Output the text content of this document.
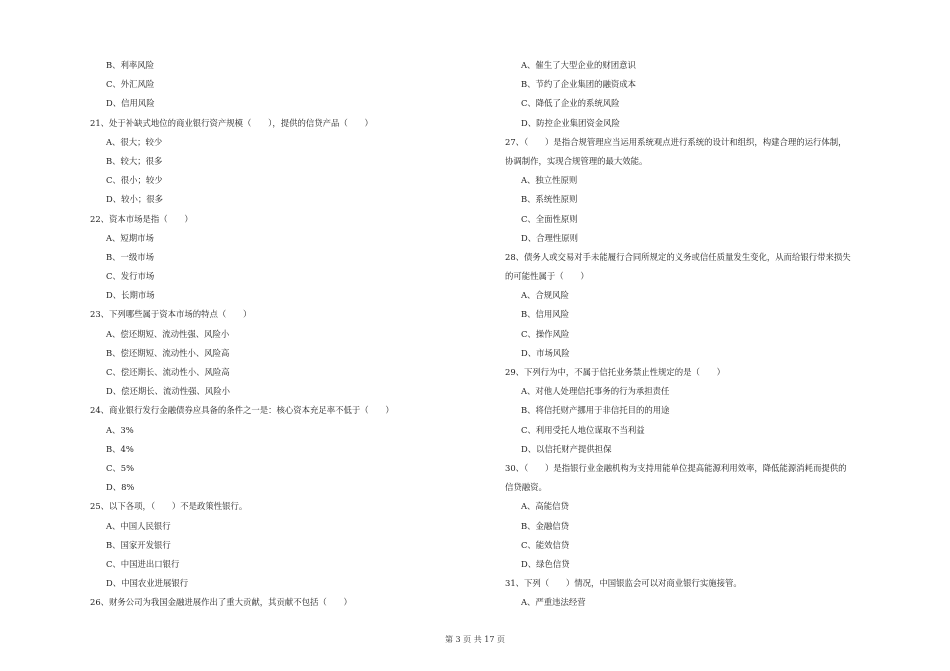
B、利率风险
C、外汇风险
D、信用风险
21、处于补缺式地位的商业银行资产规模（　　），提供的信贷产品（　　）
A、很大；较少
B、较大；很多
C、很小；较少
D、较小；很多
22、资本市场是指（　　）
A、短期市场
B、一级市场
C、发行市场
D、长期市场
23、下列哪些属于资本市场的特点（　　）
A、偿还期短、流动性强、风险小
B、偿还期短、流动性小、风险高
C、偿还期长、流动性小、风险高
D、偿还期长、流动性强、风险小
24、商业银行发行金融债券应具备的条件之一是：核心资本充足率不低于（　　）
A、3%
B、4%
C、5%
D、8%
25、以下各项，（　　）不是政策性银行。
A、中国人民银行
B、国家开发银行
C、中国进出口银行
D、中国农业进展银行
26、财务公司为我国金融进展作出了重大贡献，其贡献不包括（　　）
A、催生了大型企业的财团意识
B、节约了企业集团的融资成本
C、降低了企业的系统风险
D、防控企业集团资金风险
27、（　　）是指合规管理应当运用系统观点进行系统的设计和组织，构建合理的运行体制，
协调制作，实现合规管理的最大效能。
A、独立性原则
B、系统性原则
C、全面性原则
D、合理性原则
28、债务人或交易对手未能履行合同所规定的义务或信任质量发生变化，从而给银行带来损失
的可能性属于（　　）
A、合规风险
B、信用风险
C、操作风险
D、市场风险
29、下列行为中，不属于信托业务禁止性规定的是（　　）
A、对他人处理信托事务的行为承担责任
B、将信托财产挪用于非信托目的的用途
C、利用受托人地位谋取不当利益
D、以信托财产提供担保
30、（　　）是指银行业金融机构为支持用能单位提高能源利用效率，降低能源消耗而提供的
信贷融资。
A、高能信贷
B、金融信贷
C、能效信贷
D、绿色信贷
31、下列（　　）情况，中国银监会可以对商业银行实施接管。
A、严重违法经营
第 3 页 共 17 页
